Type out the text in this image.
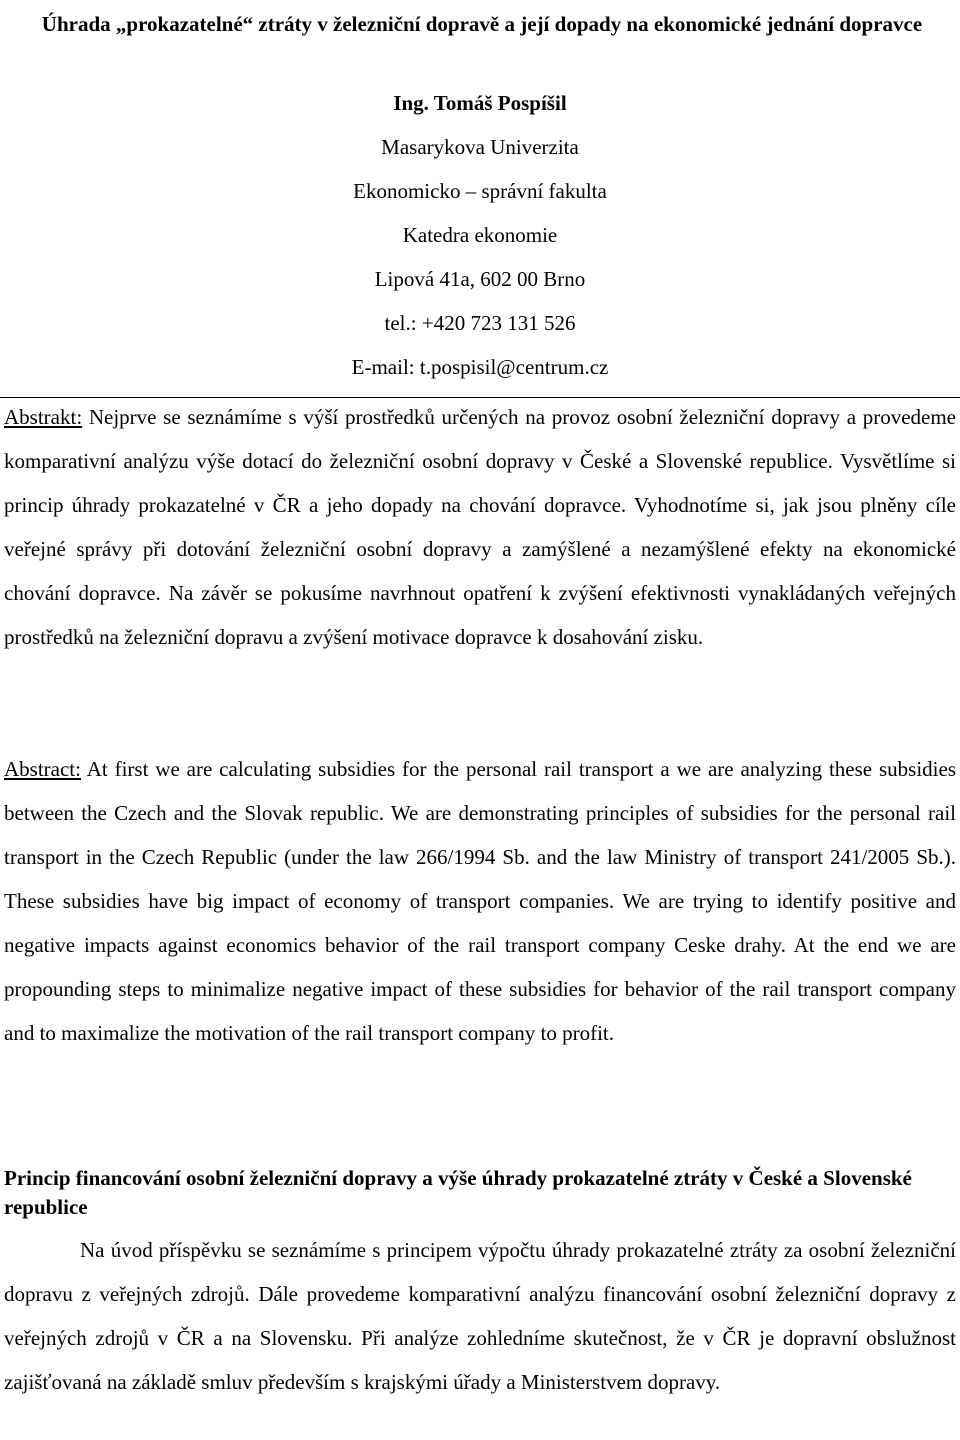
Úhrada „prokazatelné“ ztráty v železniční dopravě a její dopady na ekonomické jednání dopravce
Ing. Tomáš Pospíšil
Masarykova Univerzita
Ekonomicko – správní fakulta
Katedra ekonomie
Lipová 41a, 602 00 Brno
tel.: +420 723 131 526
E-mail: t.pospisil@centrum.cz
Abstrakt: Nejprve se seznámíme s výší prostředků určených na provoz osobní železniční dopravy a provedeme komparativní analýzu výše dotací do železniční osobní dopravy v České a Slovenské republice. Vysvětlíme si princip úhrady prokazatelné v ČR a jeho dopady na chování dopravce. Vyhodnotíme si, jak jsou plněny cíle veřejné správy při dotování železniční osobní dopravy a zamýšlené a nezamýšlené efekty na ekonomické chování dopravce. Na závěr se pokusíme navrhnout opatření k zvýšení efektivnosti vynakládaných veřejných prostředků na železniční dopravu a zvýšení motivace dopravce k dosahování zisku.
Abstract: At first we are calculating subsidies for the personal rail transport a we are analyzing these subsidies between the Czech and the Slovak republic. We are demonstrating principles of subsidies for the personal rail transport in the Czech Republic (under the law 266/1994 Sb. and the law Ministry of transport 241/2005 Sb.). These subsidies have big impact of economy of transport companies. We are trying to identify positive and negative impacts against economics behavior of the rail transport company Ceske drahy. At the end we are propounding steps to minimalize negative impact of these subsidies for behavior of the rail transport company and to maximalize the motivation of the rail transport company to profit.
Princip financování osobní železniční dopravy a výše úhrady prokazatelné ztráty v České a Slovenské republice
Na úvod příspěvku se seznámíme s principem výpočtu úhrady prokazatelné ztráty za osobní železniční dopravu z veřejných zdrojů. Dále provedeme komparativní analýzu financování osobní železniční dopravy z veřejných zdrojů v ČR a na Slovensku. Při analýze zohledníme skutečnost, že v ČR je dopravní obslužnost zajišťovaná na základě smluv především s krajskými úřady a Ministerstvem dopravy.
